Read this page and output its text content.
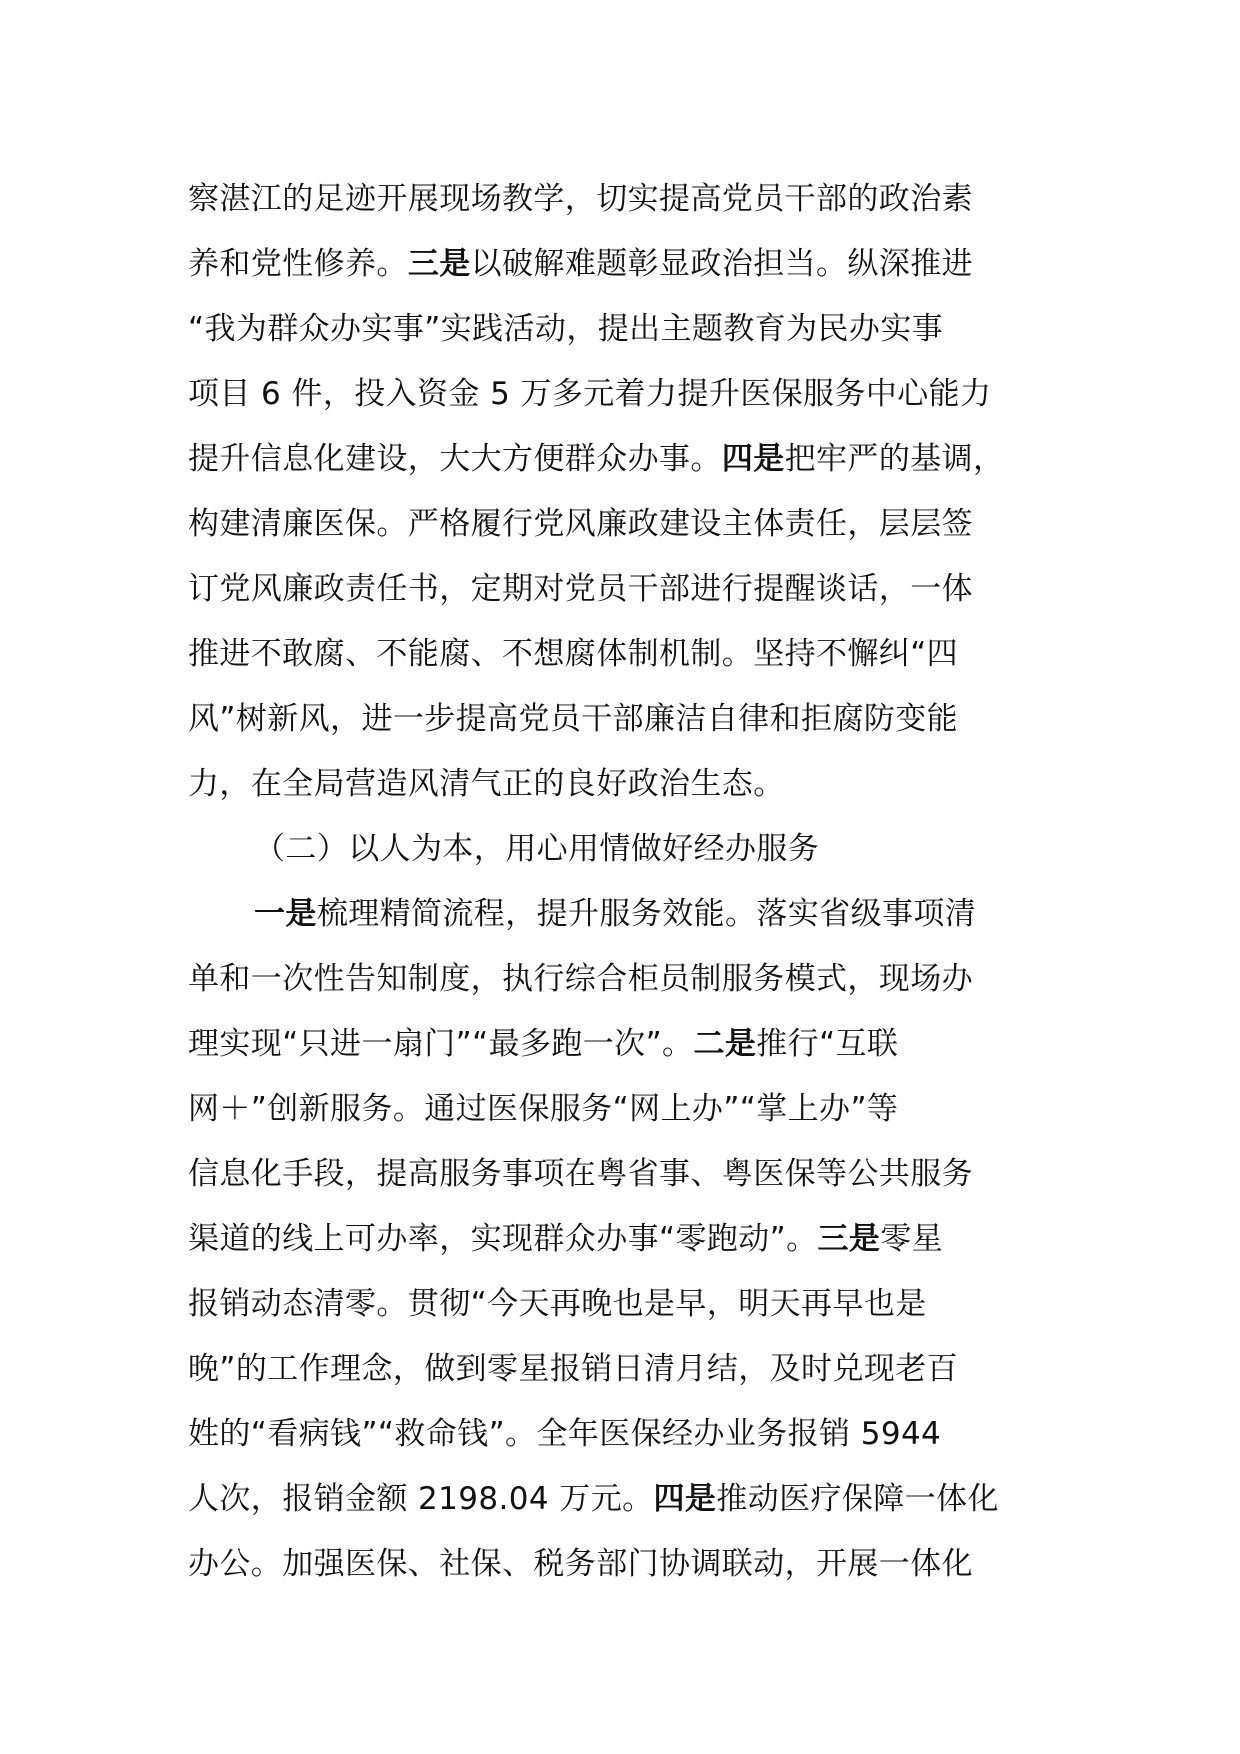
察湛江的足迹开展现场教学，切实提高党员干部的政治素
养和党性修养。三是以破解难题彰显政治担当。纵深推进
“我为群众办实事”实践活动，提出主题教育为民办实事
项目 6 件，投入资金 5 万多元着力提升医保服务中心能力
提升信息化建设，大大方便群众办事。四是把牢严的基调，
构建清廉医保。严格履行党风廉政建设主体责任，层层签
订党风廉政责任书，定期对党员干部进行提醒谈话，一体
推进不敢腐、不能腐、不想腐体制机制。坚持不懈纠“四
风”树新风，进一步提高党员干部廉洁自律和拒腐防变能
力，在全局营造风清气正的良好政治生态。
（二）以人为本，用心用情做好经办服务
一是梳理精简流程，提升服务效能。落实省级事项清
单和一次性告知制度，执行综合柜员制服务模式，现场办
理实现“只进一扇门”“最多跑一次”。二是推行“互联
网＋”创新服务。通过医保服务“网上办”“掌上办”等
信息化手段，提高服务事项在粤省事、粤医保等公共服务
渠道的线上可办率，实现群众办事“零跑动”。三是零星
报销动态清零。贯彻“今天再晚也是早，明天再早也是
晚”的工作理念，做到零星报销日清月结，及时兑现老百
姓的“看病钱”“救命钱”。全年医保经办业务报销 5944
人次，报销金额 2198.04 万元。四是推动医疗保障一体化
办公。加强医保、社保、税务部门协调联动，开展一体化
